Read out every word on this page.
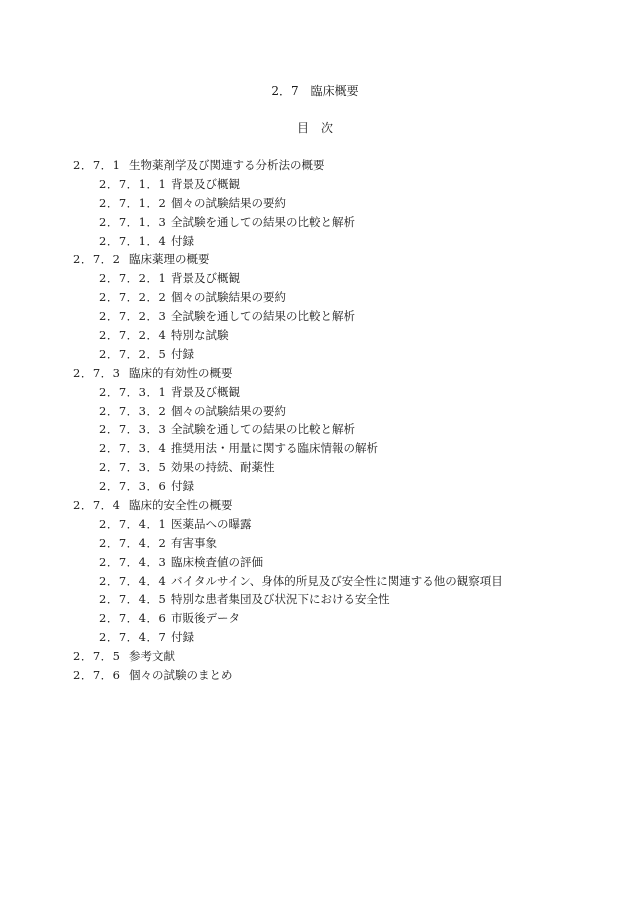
2．7　臨床概要
目　次
2．7．1 生物薬剤学及び関連する分析法の概要
2．7．1．1 背景及び概観
2．7．1．2 個々の試験結果の要約
2．7．1．3 全試験を通しての結果の比較と解析
2．7．1．4 付録
2．7．2 臨床薬理の概要
2．7．2．1 背景及び概観
2．7．2．2 個々の試験結果の要約
2．7．2．3 全試験を通しての結果の比較と解析
2．7．2．4 特別な試験
2．7．2．5 付録
2．7．3 臨床的有効性の概要
2．7．3．1 背景及び概観
2．7．3．2 個々の試験結果の要約
2．7．3．3 全試験を通しての結果の比較と解析
2．7．3．4 推奨用法・用量に関する臨床情報の解析
2．7．3．5 効果の持続、耐薬性
2．7．3．6 付録
2．7．4 臨床的安全性の概要
2．7．4．1 医薬品への曝露
2．7．4．2 有害事象
2．7．4．3 臨床検査値の評価
2．7．4．4 バイタルサイン、身体的所見及び安全性に関連する他の観察項目
2．7．4．5 特別な患者集団及び状況下における安全性
2．7．4．6 市販後データ
2．7．4．7 付録
2．7．5 参考文献
2．7．6 個々の試験のまとめ
